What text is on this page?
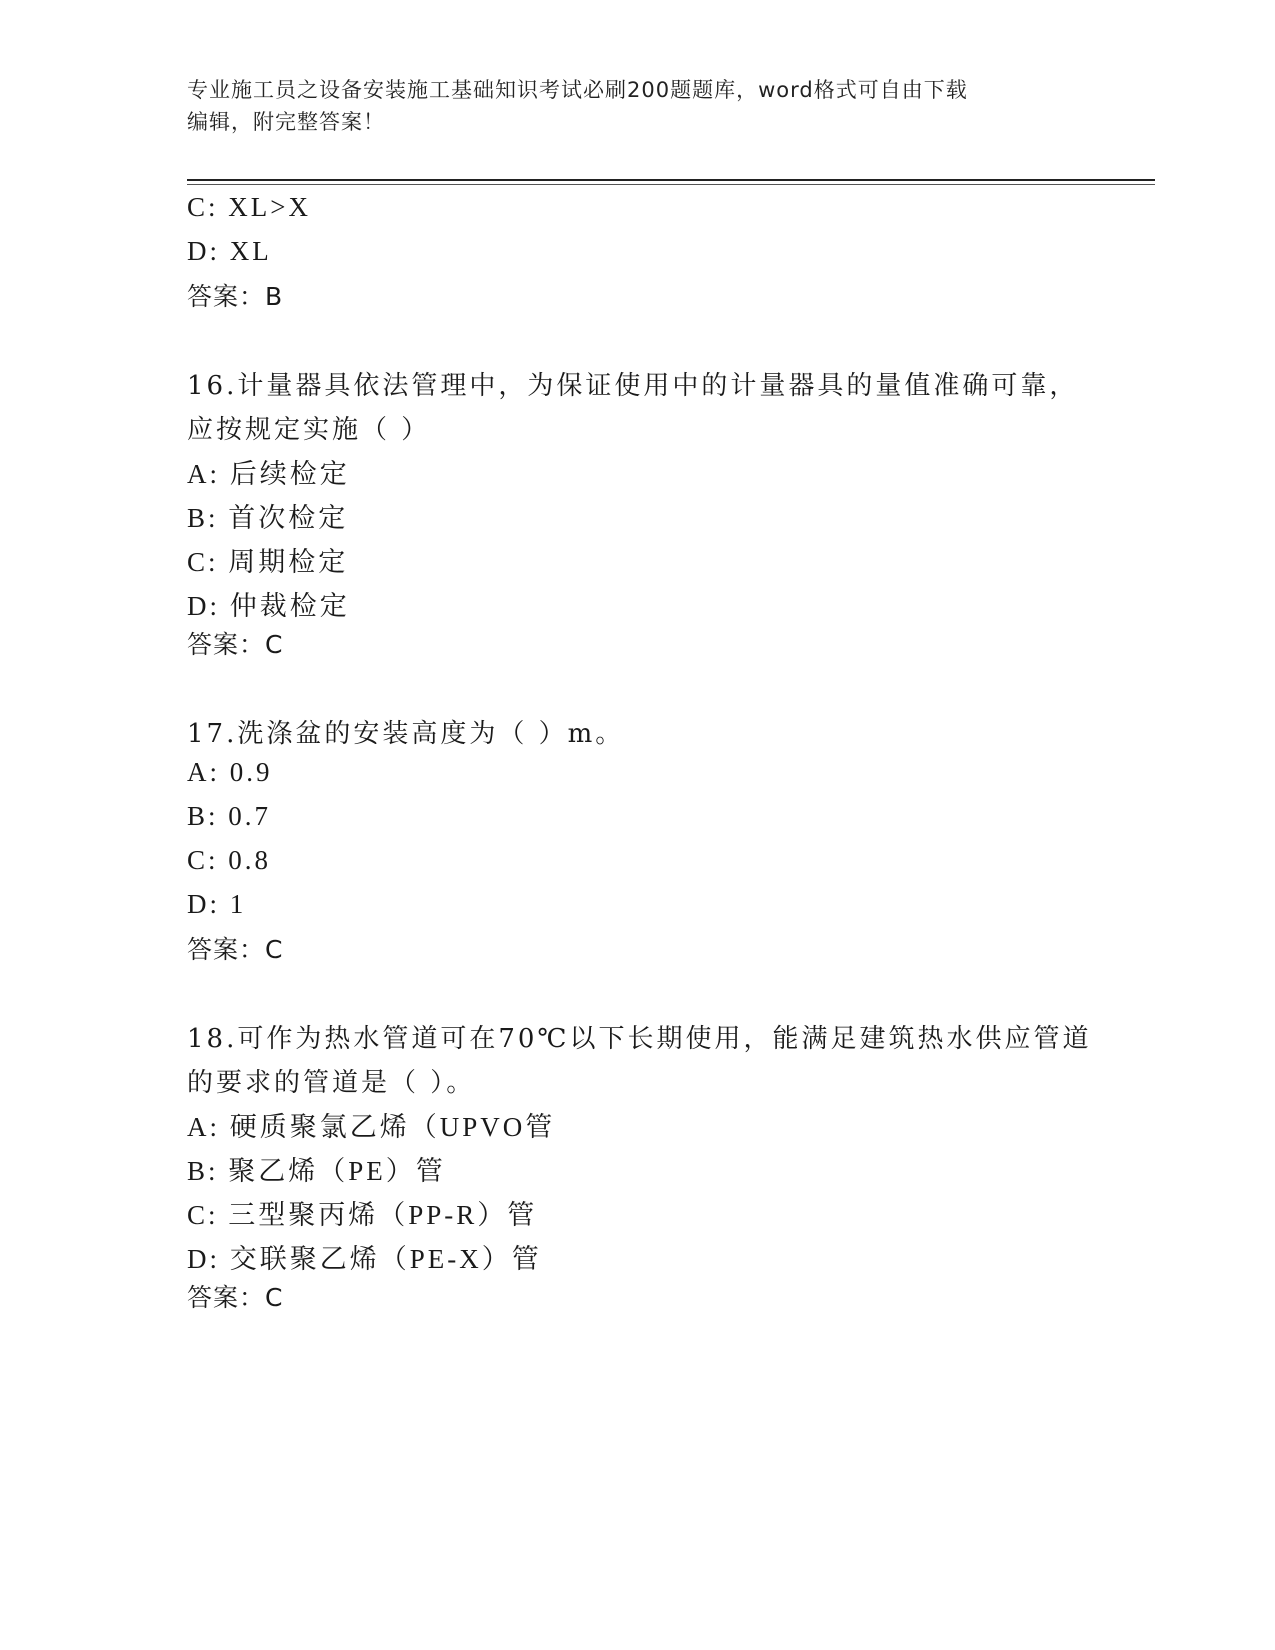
专业施工员之设备安装施工基础知识考试必刷200题题库，word格式可自由下载
编辑，附完整答案！
C: XL>X
D: XL
答案：B
16.计量器具依法管理中，为保证使用中的计量器具的量值准确可靠，
应按规定实施（ ）
A: 后续检定
B: 首次检定
C: 周期检定
D: 仲裁检定
答案：C
17.洗涤盆的安装高度为（ ）m。
A: 0.9
B: 0.7
C: 0.8
D: 1
答案：C
18.可作为热水管道可在70℃以下长期使用，能满足建筑热水供应管道
的要求的管道是（ ）。
A: 硬质聚氯乙烯（UPVO管
B: 聚乙烯（PE）管
C: 三型聚丙烯（PP-R）管
D: 交联聚乙烯（PE-X）管
答案：C
